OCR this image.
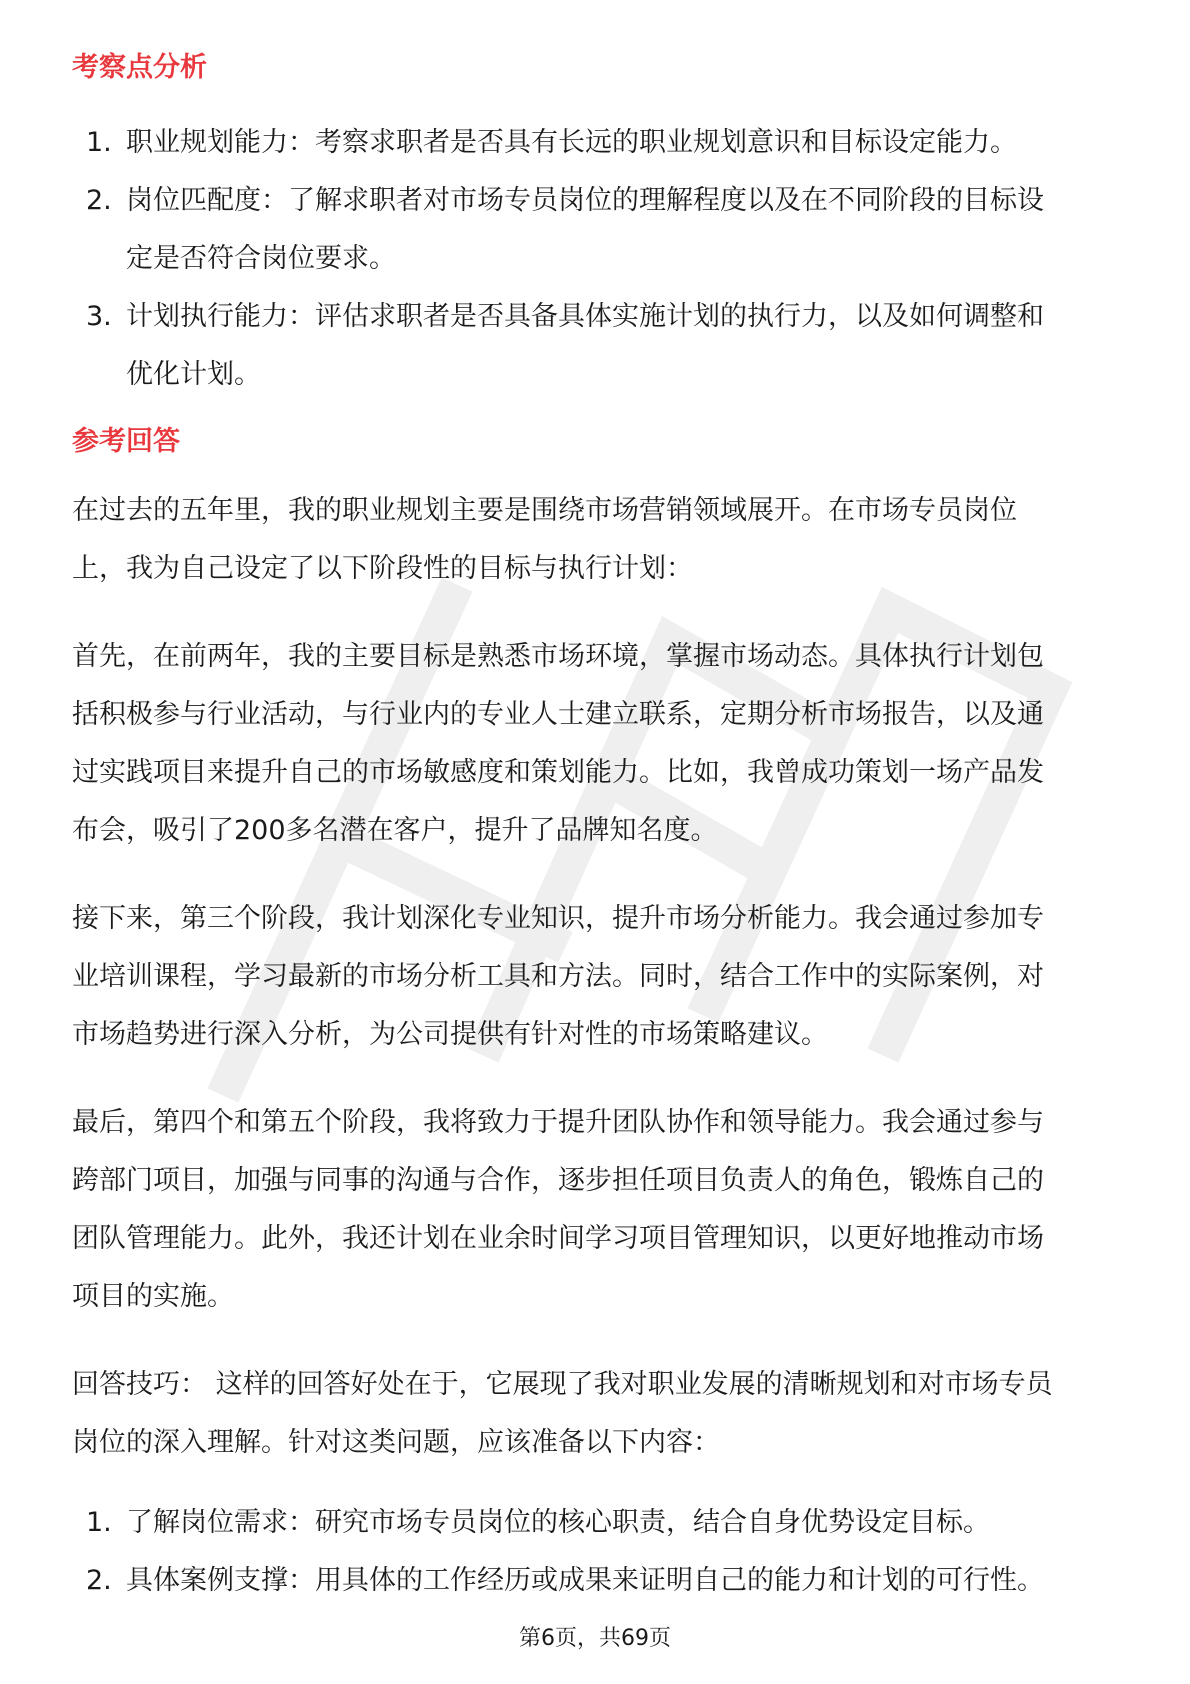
考察点分析
1. 职业规划能力：考察求职者是否具有长远的职业规划意识和目标设定能力。
2. 岗位匹配度：了解求职者对市场专员岗位的理解程度以及在不同阶段的目标设
定是否符合岗位要求。
3. 计划执行能力：评估求职者是否具备具体实施计划的执行力，以及如何调整和
优化计划。
参考回答
在过去的五年里，我的职业规划主要是围绕市场营销领域展开。在市场专员岗位
上，我为自己设定了以下阶段性的目标与执行计划：
首先，在前两年，我的主要目标是熟悉市场环境，掌握市场动态。具体执行计划包
括积极参与行业活动，与行业内的专业人士建立联系，定期分析市场报告，以及通
过实践项目来提升自己的市场敏感度和策划能力。比如，我曾成功策划一场产品发
布会，吸引了200多名潜在客户，提升了品牌知名度。
接下来，第三个阶段，我计划深化专业知识，提升市场分析能力。我会通过参加专
业培训课程，学习最新的市场分析工具和方法。同时，结合工作中的实际案例，对
市场趋势进行深入分析，为公司提供有针对性的市场策略建议。
最后，第四个和第五个阶段，我将致力于提升团队协作和领导能力。我会通过参与
跨部门项目，加强与同事的沟通与合作，逐步担任项目负责人的角色，锻炼自己的
团队管理能力。此外，我还计划在业余时间学习项目管理知识，以更好地推动市场
项目的实施。
回答技巧： 这样的回答好处在于，它展现了我对职业发展的清晰规划和对市场专员
岗位的深入理解。针对这类问题，应该准备以下内容：
1. 了解岗位需求：研究市场专员岗位的核心职责，结合自身优势设定目标。
2. 具体案例支撑：用具体的工作经历或成果来证明自己的能力和计划的可行性。
第6页，共69页
